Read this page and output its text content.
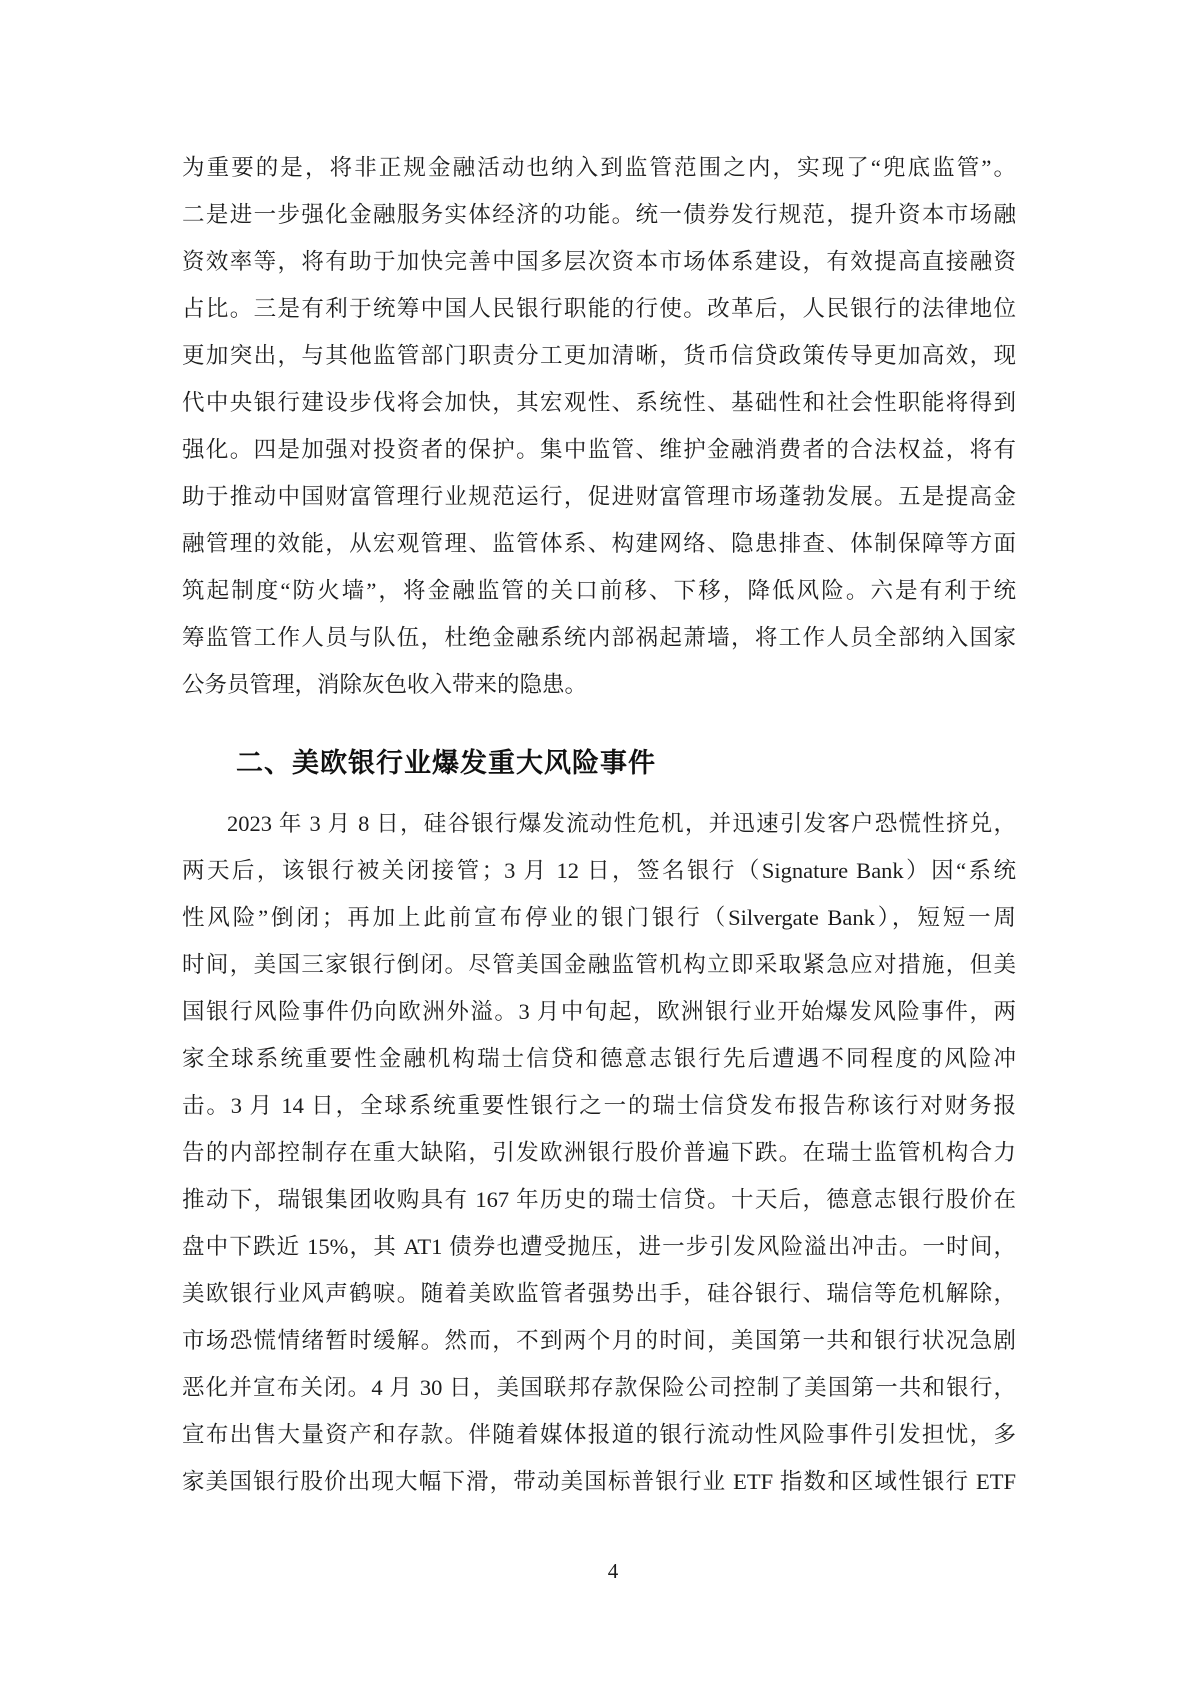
为重要的是，将非正规金融活动也纳入到监管范围之内，实现了“兜底监管”。
二是进一步强化金融服务实体经济的功能。统一债券发行规范，提升资本市场融
资效率等，将有助于加快完善中国多层次资本市场体系建设，有效提高直接融资
占比。三是有利于统筹中国人民银行职能的行使。改革后，人民银行的法律地位
更加突出，与其他监管部门职责分工更加清晰，货币信贷政策传导更加高效，现
代中央银行建设步伐将会加快，其宏观性、系统性、基础性和社会性职能将得到
强化。四是加强对投资者的保护。集中监管、维护金融消费者的合法权益，将有
助于推动中国财富管理行业规范运行，促进财富管理市场蓬勃发展。五是提高金
融管理的效能，从宏观管理、监管体系、构建网络、隐患排查、体制保障等方面
筑起制度“防火墙”，将金融监管的关口前移、下移，降低风险。六是有利于统
筹监管工作人员与队伍，杜绝金融系统内部祸起萧墙，将工作人员全部纳入国家
公务员管理，消除灰色收入带来的隐患。
二、美欧银行业爆发重大风险事件
2023 年 3 月 8 日，硅谷银行爆发流动性危机，并迅速引发客户恐慌性挤兑，
两天后，该银行被关闭接管；3 月 12 日，签名银行（Signature Bank）因“系统
性风险”倒闭；再加上此前宣布停业的银门银行（Silvergate Bank），短短一周
时间，美国三家银行倒闭。尽管美国金融监管机构立即采取紧急应对措施，但美
国银行风险事件仍向欧洲外溢。3 月中旬起，欧洲银行业开始爆发风险事件，两
家全球系统重要性金融机构瑞士信贷和德意志银行先后遭遇不同程度的风险冲
击。3 月 14 日，全球系统重要性银行之一的瑞士信贷发布报告称该行对财务报
告的内部控制存在重大缺陷，引发欧洲银行股价普遍下跌。在瑞士监管机构合力
推动下，瑞银集团收购具有 167 年历史的瑞士信贷。十天后，德意志银行股价在
盘中下跌近 15%，其 AT1 债券也遭受抛压，进一步引发风险溢出冲击。一时间，
美欧银行业风声鹤唳。随着美欧监管者强势出手，硅谷银行、瑞信等危机解除，
市场恐慌情绪暂时缓解。然而，不到两个月的时间，美国第一共和银行状况急剧
恶化并宣布关闭。4 月 30 日，美国联邦存款保险公司控制了美国第一共和银行，
宣布出售大量资产和存款。伴随着媒体报道的银行流动性风险事件引发担忧，多
家美国银行股价出现大幅下滑，带动美国标普银行业 ETF 指数和区域性银行 ETF
4
